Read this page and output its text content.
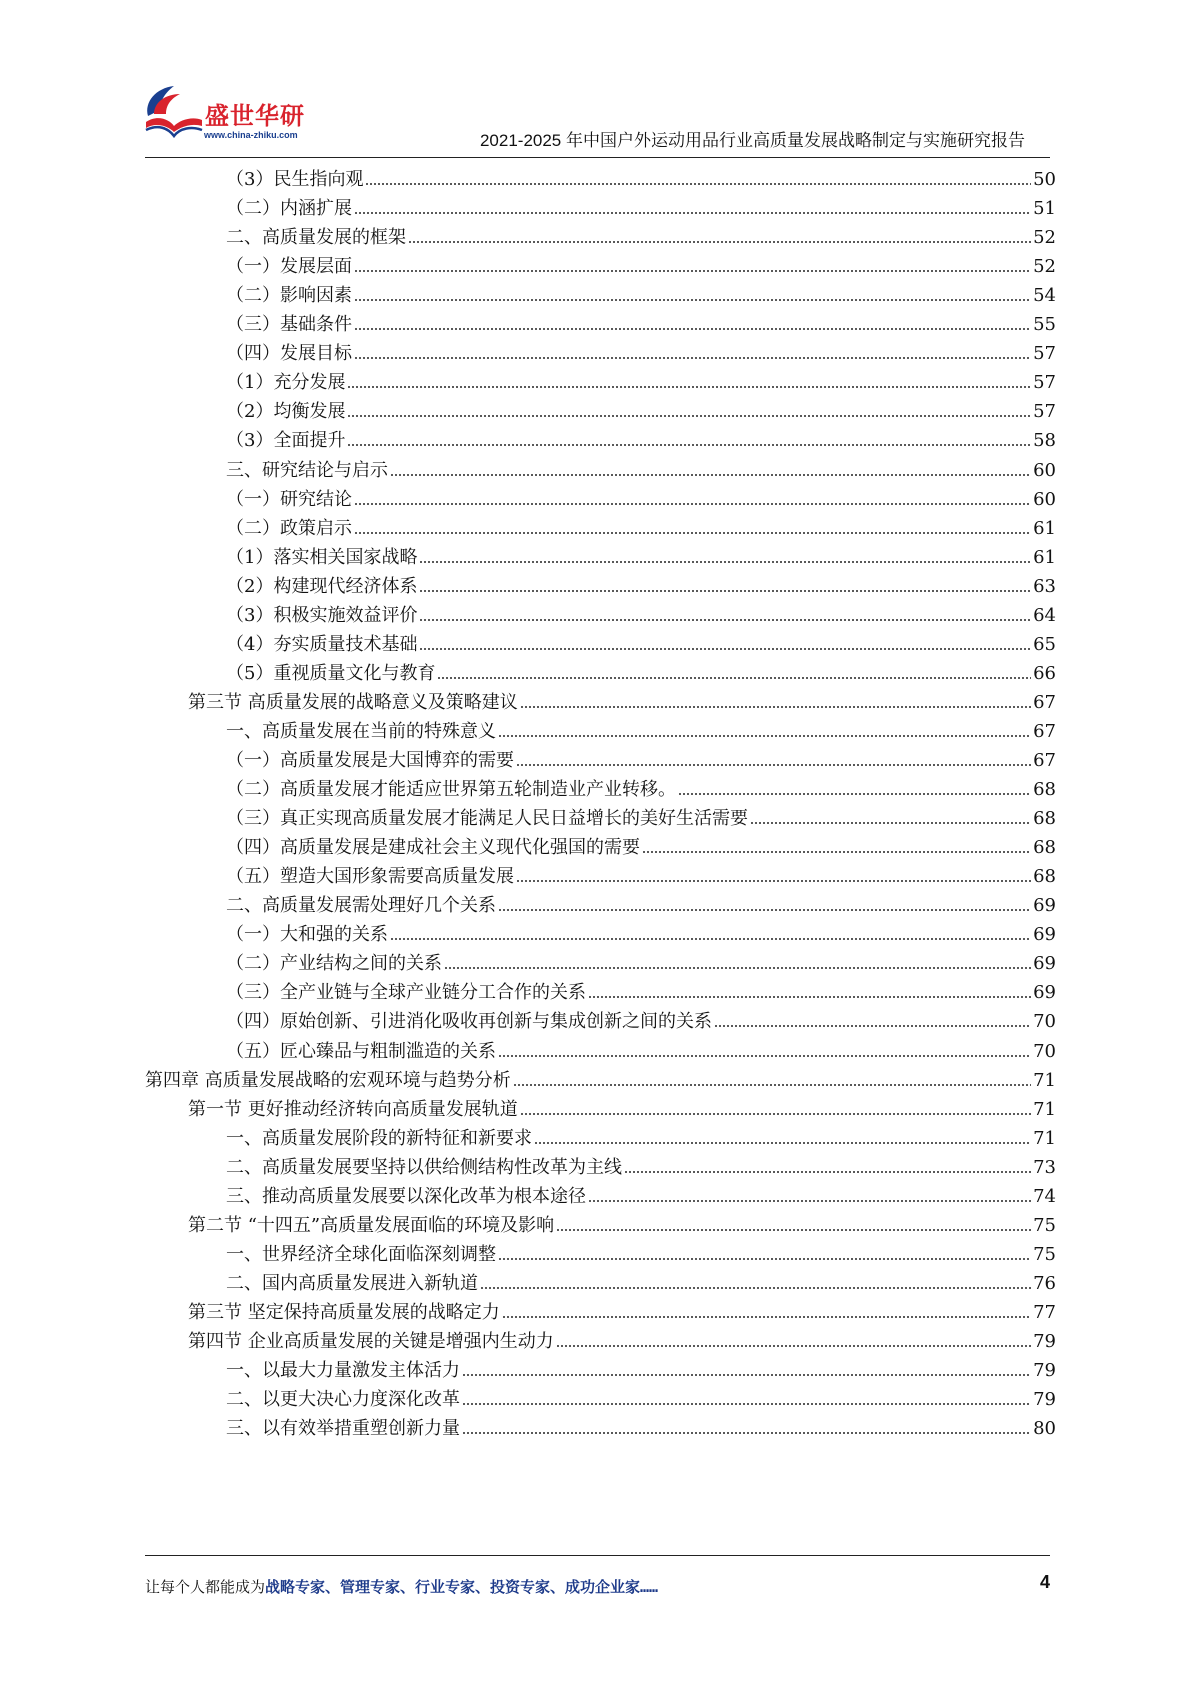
盛世华研
www.china-zhiku.com	2021-2025 年中国户外运动用品行业高质量发展战略制定与实施研究报告
（3）民生指向观	50
（二）内涵扩展	51
二、高质量发展的框架	52
（一）发展层面	52
（二）影响因素	54
（三）基础条件	55
（四）发展目标	57
（1）充分发展	57
（2）均衡发展	57
（3）全面提升	58
三、研究结论与启示	60
（一）研究结论	60
（二）政策启示	61
（1）落实相关国家战略	61
（2）构建现代经济体系	63
（3）积极实施效益评价	64
（4）夯实质量技术基础	65
（5）重视质量文化与教育	66
第三节 高质量发展的战略意义及策略建议	67
一、高质量发展在当前的特殊意义	67
（一）高质量发展是大国博弈的需要	67
（二）高质量发展才能适应世界第五轮制造业产业转移。	68
（三）真正实现高质量发展才能满足人民日益增长的美好生活需要	68
（四）高质量发展是建成社会主义现代化强国的需要	68
（五）塑造大国形象需要高质量发展	68
二、高质量发展需处理好几个关系	69
（一）大和强的关系	69
（二）产业结构之间的关系	69
（三）全产业链与全球产业链分工合作的关系	69
（四）原始创新、引进消化吸收再创新与集成创新之间的关系	70
（五）匠心臻品与粗制滥造的关系	70
第四章 高质量发展战略的宏观环境与趋势分析	71
第一节 更好推动经济转向高质量发展轨道	71
一、高质量发展阶段的新特征和新要求	71
二、高质量发展要坚持以供给侧结构性改革为主线	73
三、推动高质量发展要以深化改革为根本途径	74
第二节 “十四五”高质量发展面临的环境及影响	75
一、世界经济全球化面临深刻调整	75
二、国内高质量发展进入新轨道	76
第三节 坚定保持高质量发展的战略定力	77
第四节 企业高质量发展的关键是增强内生动力	79
一、以最大力量激发主体活力	79
二、以更大决心力度深化改革	79
三、以有效举措重塑创新力量	80
让每个人都能成为战略专家、管理专家、行业专家、投资专家、成功企业家……	4
